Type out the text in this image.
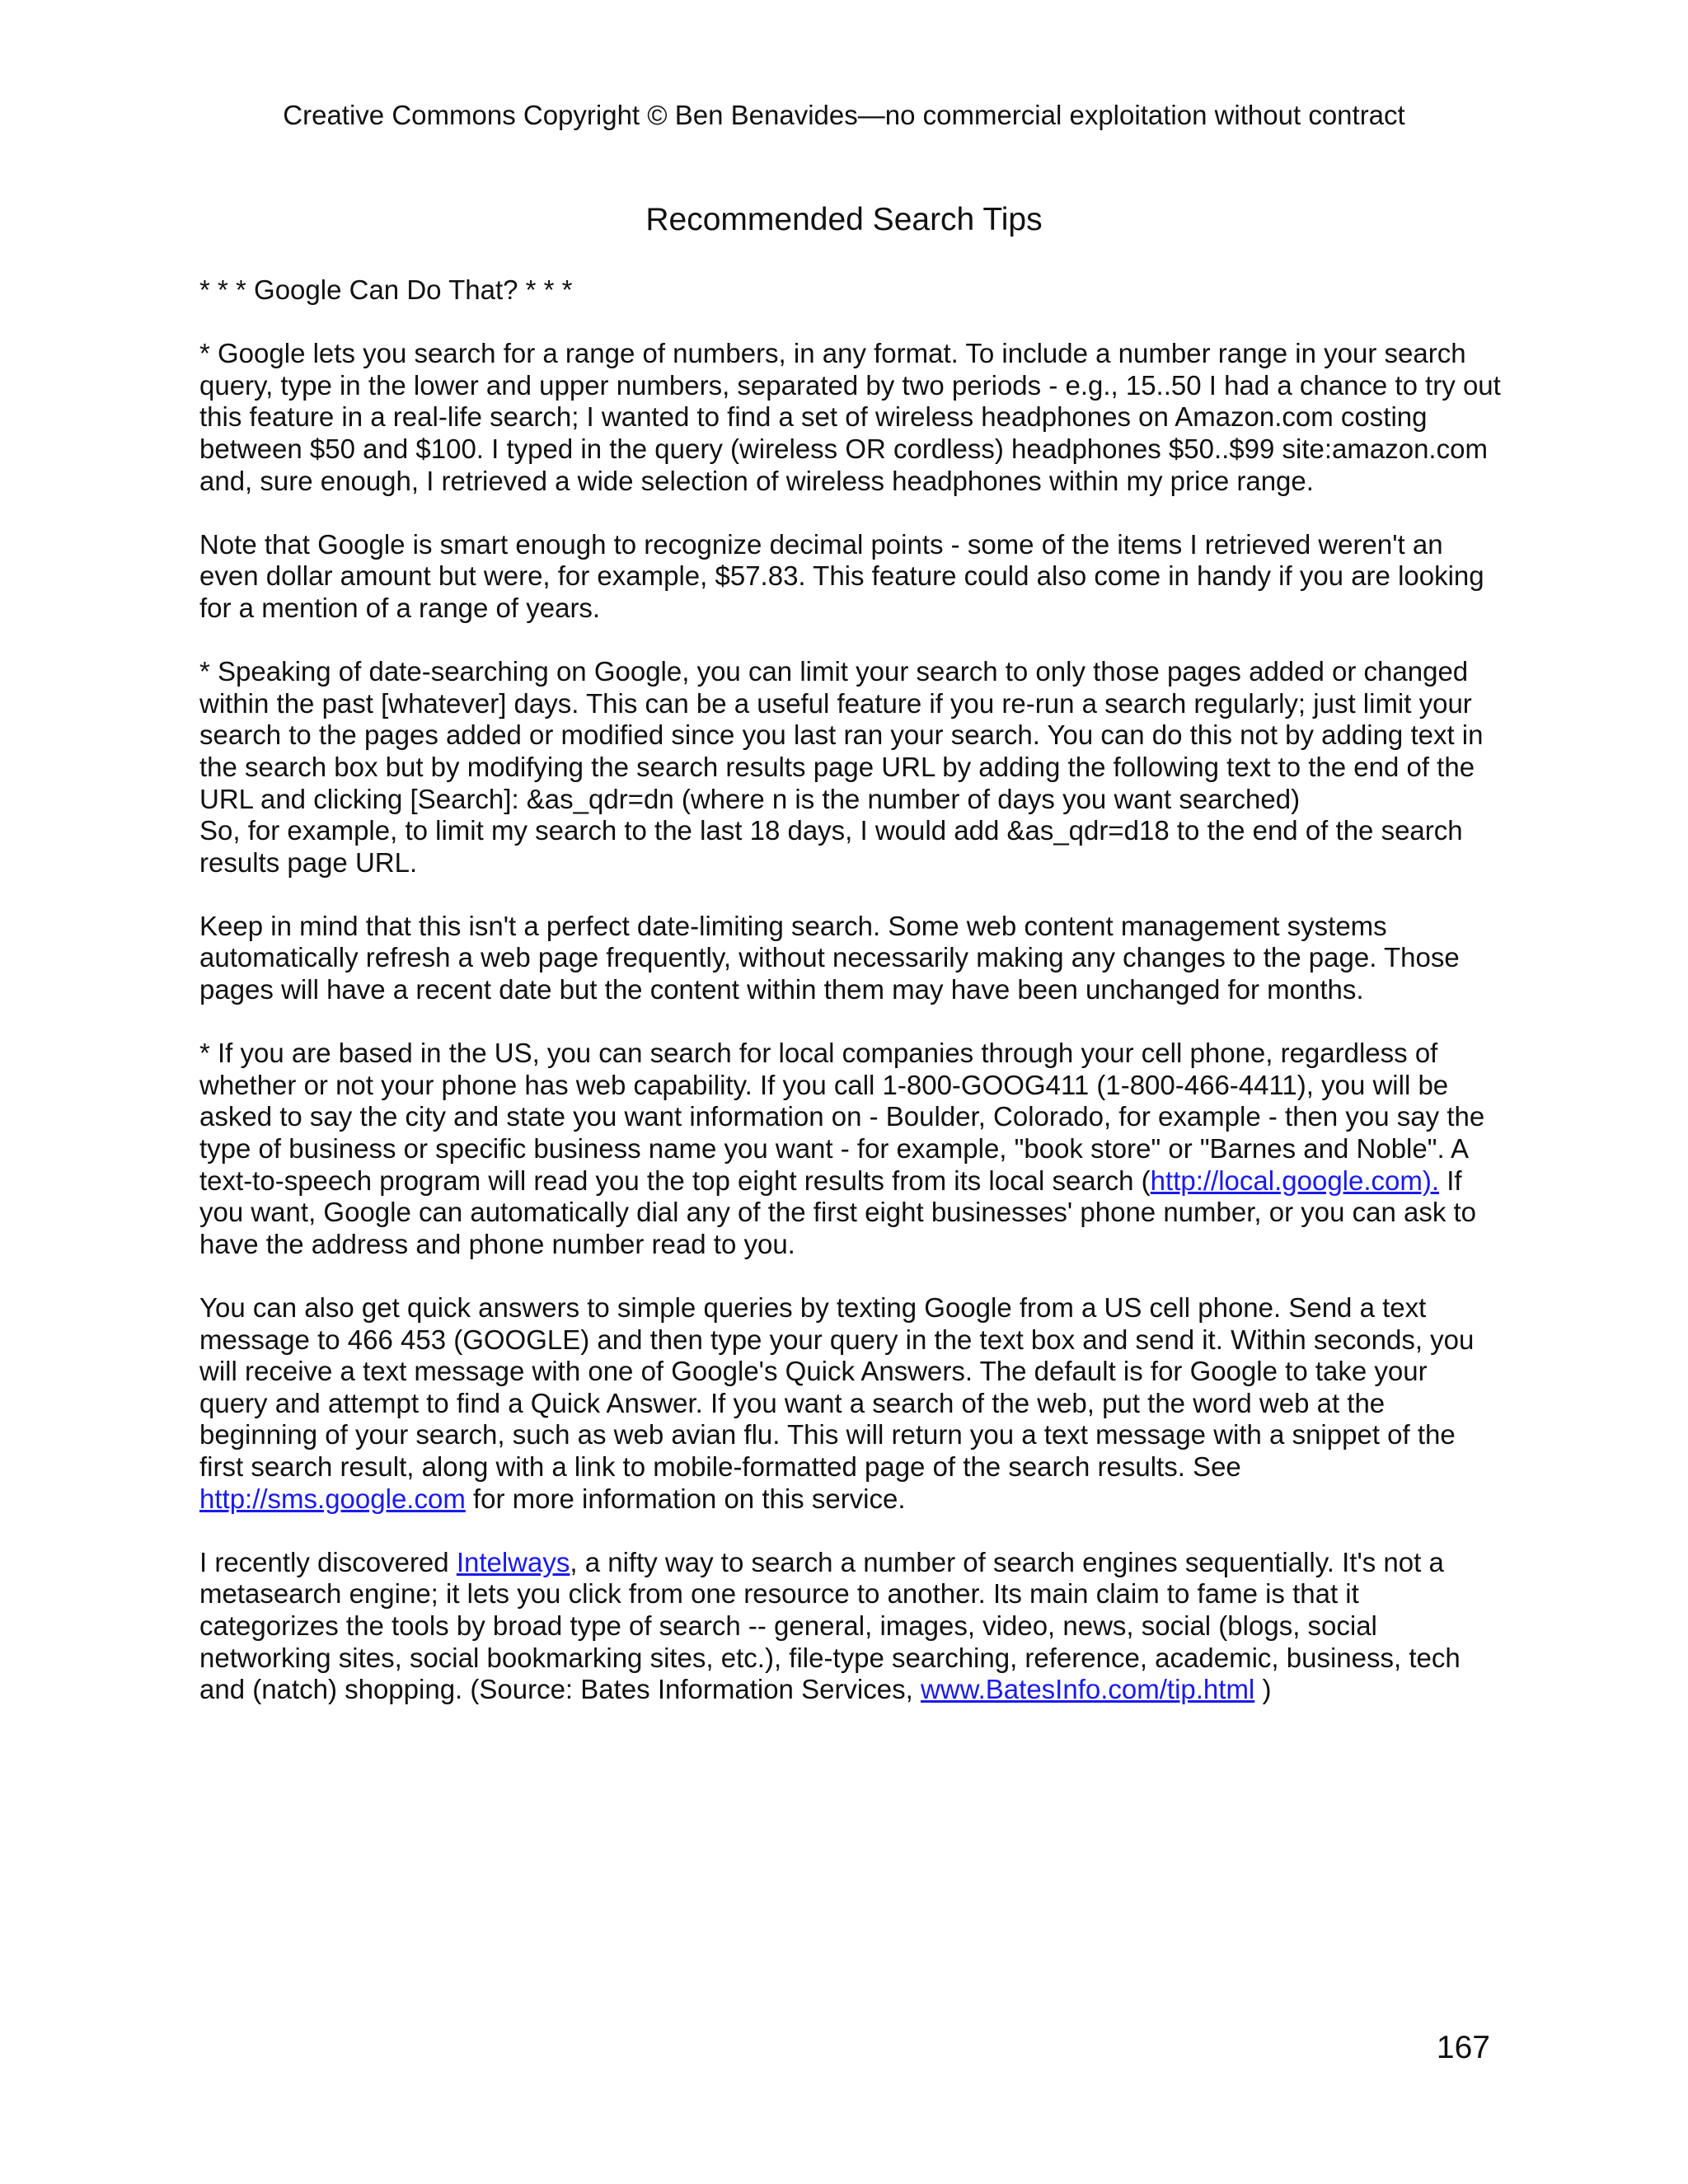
Creative Commons Copyright © Ben Benavides—no commercial exploitation without contract
Recommended Search Tips

* * * Google Can Do That? * * *

* Google lets you search for a range of numbers, in any format. To include a number range in your search query, type in the lower and upper numbers, separated by two periods - e.g., 15..50 I had a chance to try out this feature in a real-life search; I wanted to find a set of wireless headphones on Amazon.com costing between $50 and $100. I typed in the query (wireless OR cordless) headphones $50..$99 site:amazon.com and, sure enough, I retrieved a wide selection of wireless headphones within my price range.

Note that Google is smart enough to recognize decimal points - some of the items I retrieved weren't an even dollar amount but were, for example, $57.83. This feature could also come in handy if you are looking for a mention of a range of years.

* Speaking of date-searching on Google, you can limit your search to only those pages added or changed within the past [whatever] days. This can be a useful feature if you re-run a search regularly; just limit your search to the pages added or modified since you last ran your search. You can do this not by adding text in the search box but by modifying the search results page URL by adding the following text to the end of the URL and clicking [Search]: &as_qdr=dn (where n is the number of days you want searched)
So, for example, to limit my search to the last 18 days, I would add &as_qdr=d18 to the end of the search results page URL.

Keep in mind that this isn't a perfect date-limiting search. Some web content management systems automatically refresh a web page frequently, without necessarily making any changes to the page. Those pages will have a recent date but the content within them may have been unchanged for months.

* If you are based in the US, you can search for local companies through your cell phone, regardless of whether or not your phone has web capability. If you call 1-800-GOOG411 (1-800-466-4411), you will be asked to say the city and state you want information on - Boulder, Colorado, for example - then you say the type of business or specific business name you want - for example, "book store" or "Barnes and Noble". A text-to-speech program will read you the top eight results from its local search (http://local.google.com). If you want, Google can automatically dial any of the first eight businesses' phone number, or you can ask to have the address and phone number read to you.

You can also get quick answers to simple queries by texting Google from a US cell phone. Send a text message to 466 453 (GOOGLE) and then type your query in the text box and send it. Within seconds, you will receive a text message with one of Google's Quick Answers. The default is for Google to take your query and attempt to find a Quick Answer. If you want a search of the web, put the word web at the beginning of your search, such as web avian flu. This will return you a text message with a snippet of the first search result, along with a link to mobile-formatted page of the search results. See http://sms.google.com for more information on this service.

I recently discovered Intelways, a nifty way to search a number of search engines sequentially. It's not a metasearch engine; it lets you click from one resource to another. Its main claim to fame is that it categorizes the tools by broad type of search -- general, images, video, news, social (blogs, social networking sites, social bookmarking sites, etc.), file-type searching, reference, academic, business, tech and (natch) shopping. (Source: Bates Information Services, www.BatesInfo.com/tip.html )

167
